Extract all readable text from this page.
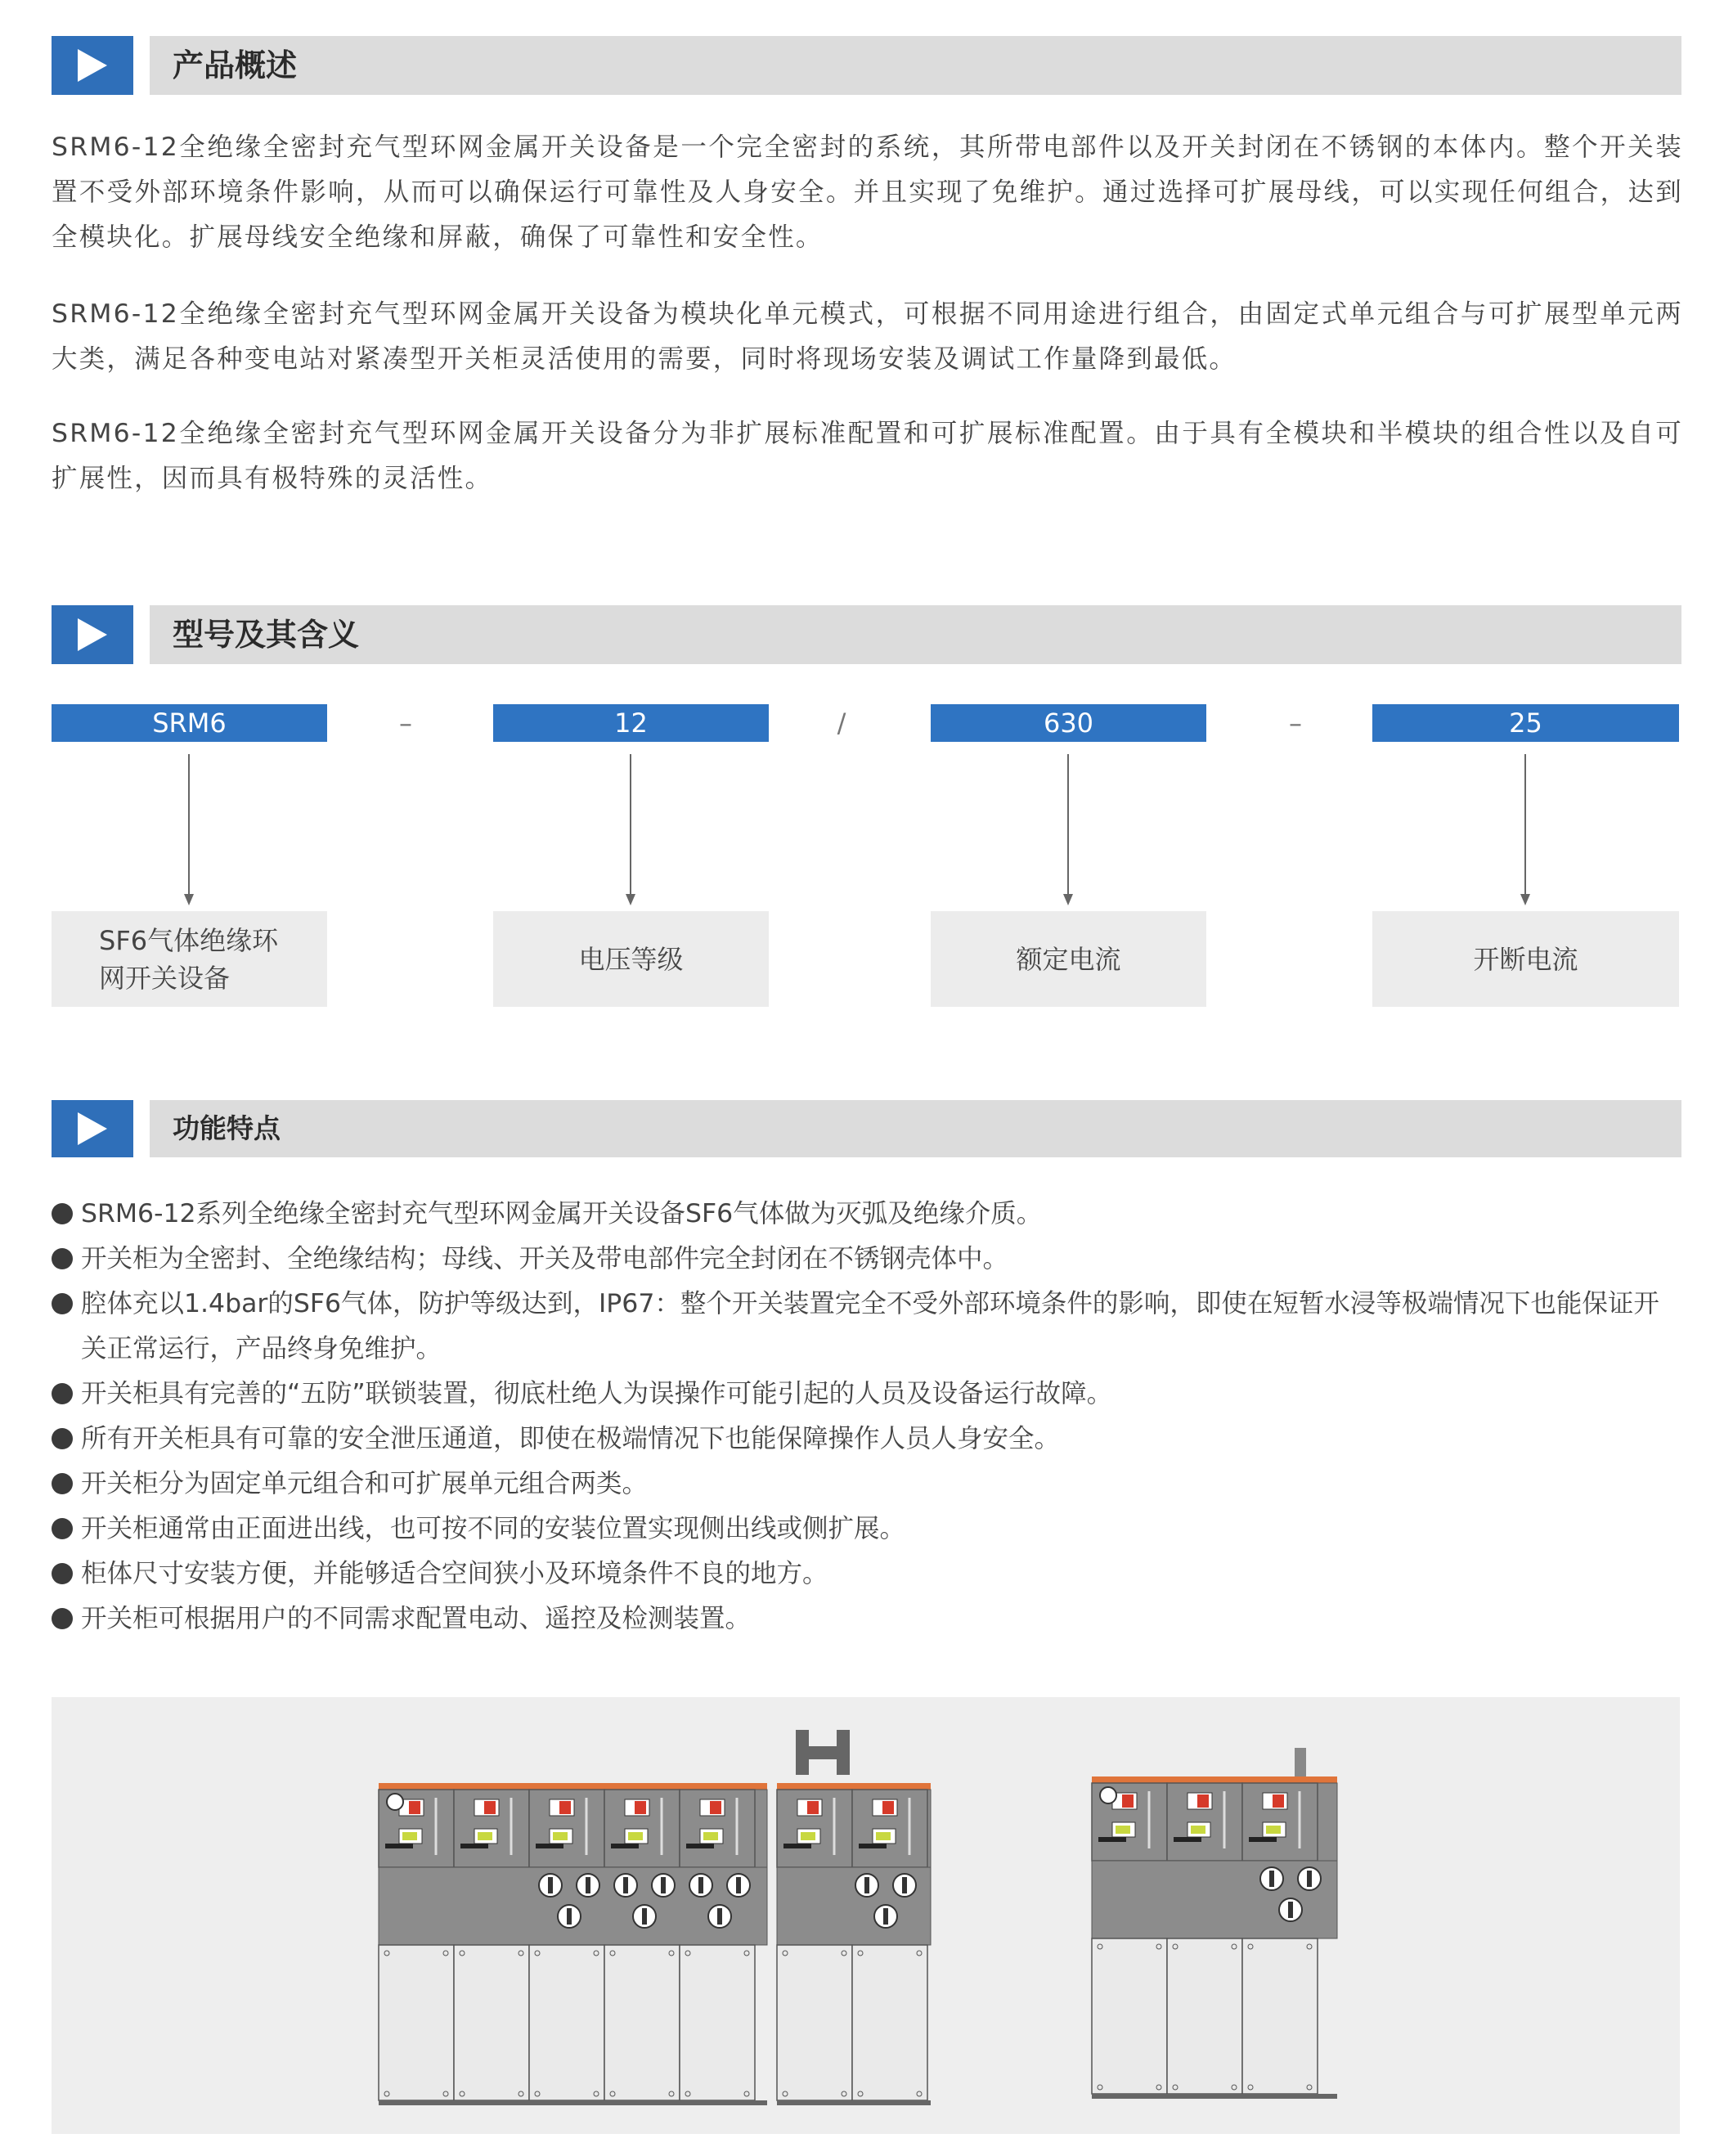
产品概述

SRM6-12全绝缘全密封充气型环网金属开关设备是一个完全密封的系统，其所带电部件以及开关封闭在不锈钢的本体内。整个开关装置不受外部环境条件影响，从而可以确保运行可靠性及人身安全。并且实现了免维护。通过选择可扩展母线，可以实现任何组合，达到全模块化。扩展母线安全绝缘和屏蔽，确保了可靠性和安全性。

SRM6-12全绝缘全密封充气型环网金属开关设备为模块化单元模式，可根据不同用途进行组合，由固定式单元组合与可扩展型单元两大类，满足各种变电站对紧凑型开关柜灵活使用的需要，同时将现场安装及调试工作量降到最低。

SRM6-12全绝缘全密封充气型环网金属开关设备分为非扩展标准配置和可扩展标准配置。由于具有全模块和半模块的组合性以及自可扩展性，因而具有极特殊的灵活性。

型号及其含义
SRM6	–	12	/	630	–	25
SF6气体绝缘环网开关设备
电压等级	额定电流	开断电流
功能特点
SRM6-12系列全绝缘全密封充气型环网金属开关设备SF6气体做为灭弧及绝缘介质。
开关柜为全密封、全绝缘结构；母线、开关及带电部件完全封闭在不锈钢壳体中。
腔体充以1.4bar的SF6气体，防护等级达到，IP67：整个开关装置完全不受外部环境条件的影响，即使在短暂水浸等极端情况下也能保证开关正常运行，产品终身免维护。
开关柜具有完善的“五防”联锁装置，彻底杜绝人为误操作可能引起的人员及设备运行故障。
所有开关柜具有可靠的安全泄压通道，即使在极端情况下也能保障操作人员人身安全。
开关柜分为固定单元组合和可扩展单元组合两类。
开关柜通常由正面进出线，也可按不同的安装位置实现侧出线或侧扩展。
柜体尺寸安装方便，并能够适合空间狭小及环境条件不良的地方。
开关柜可根据用户的不同需求配置电动、遥控及检测装置。
